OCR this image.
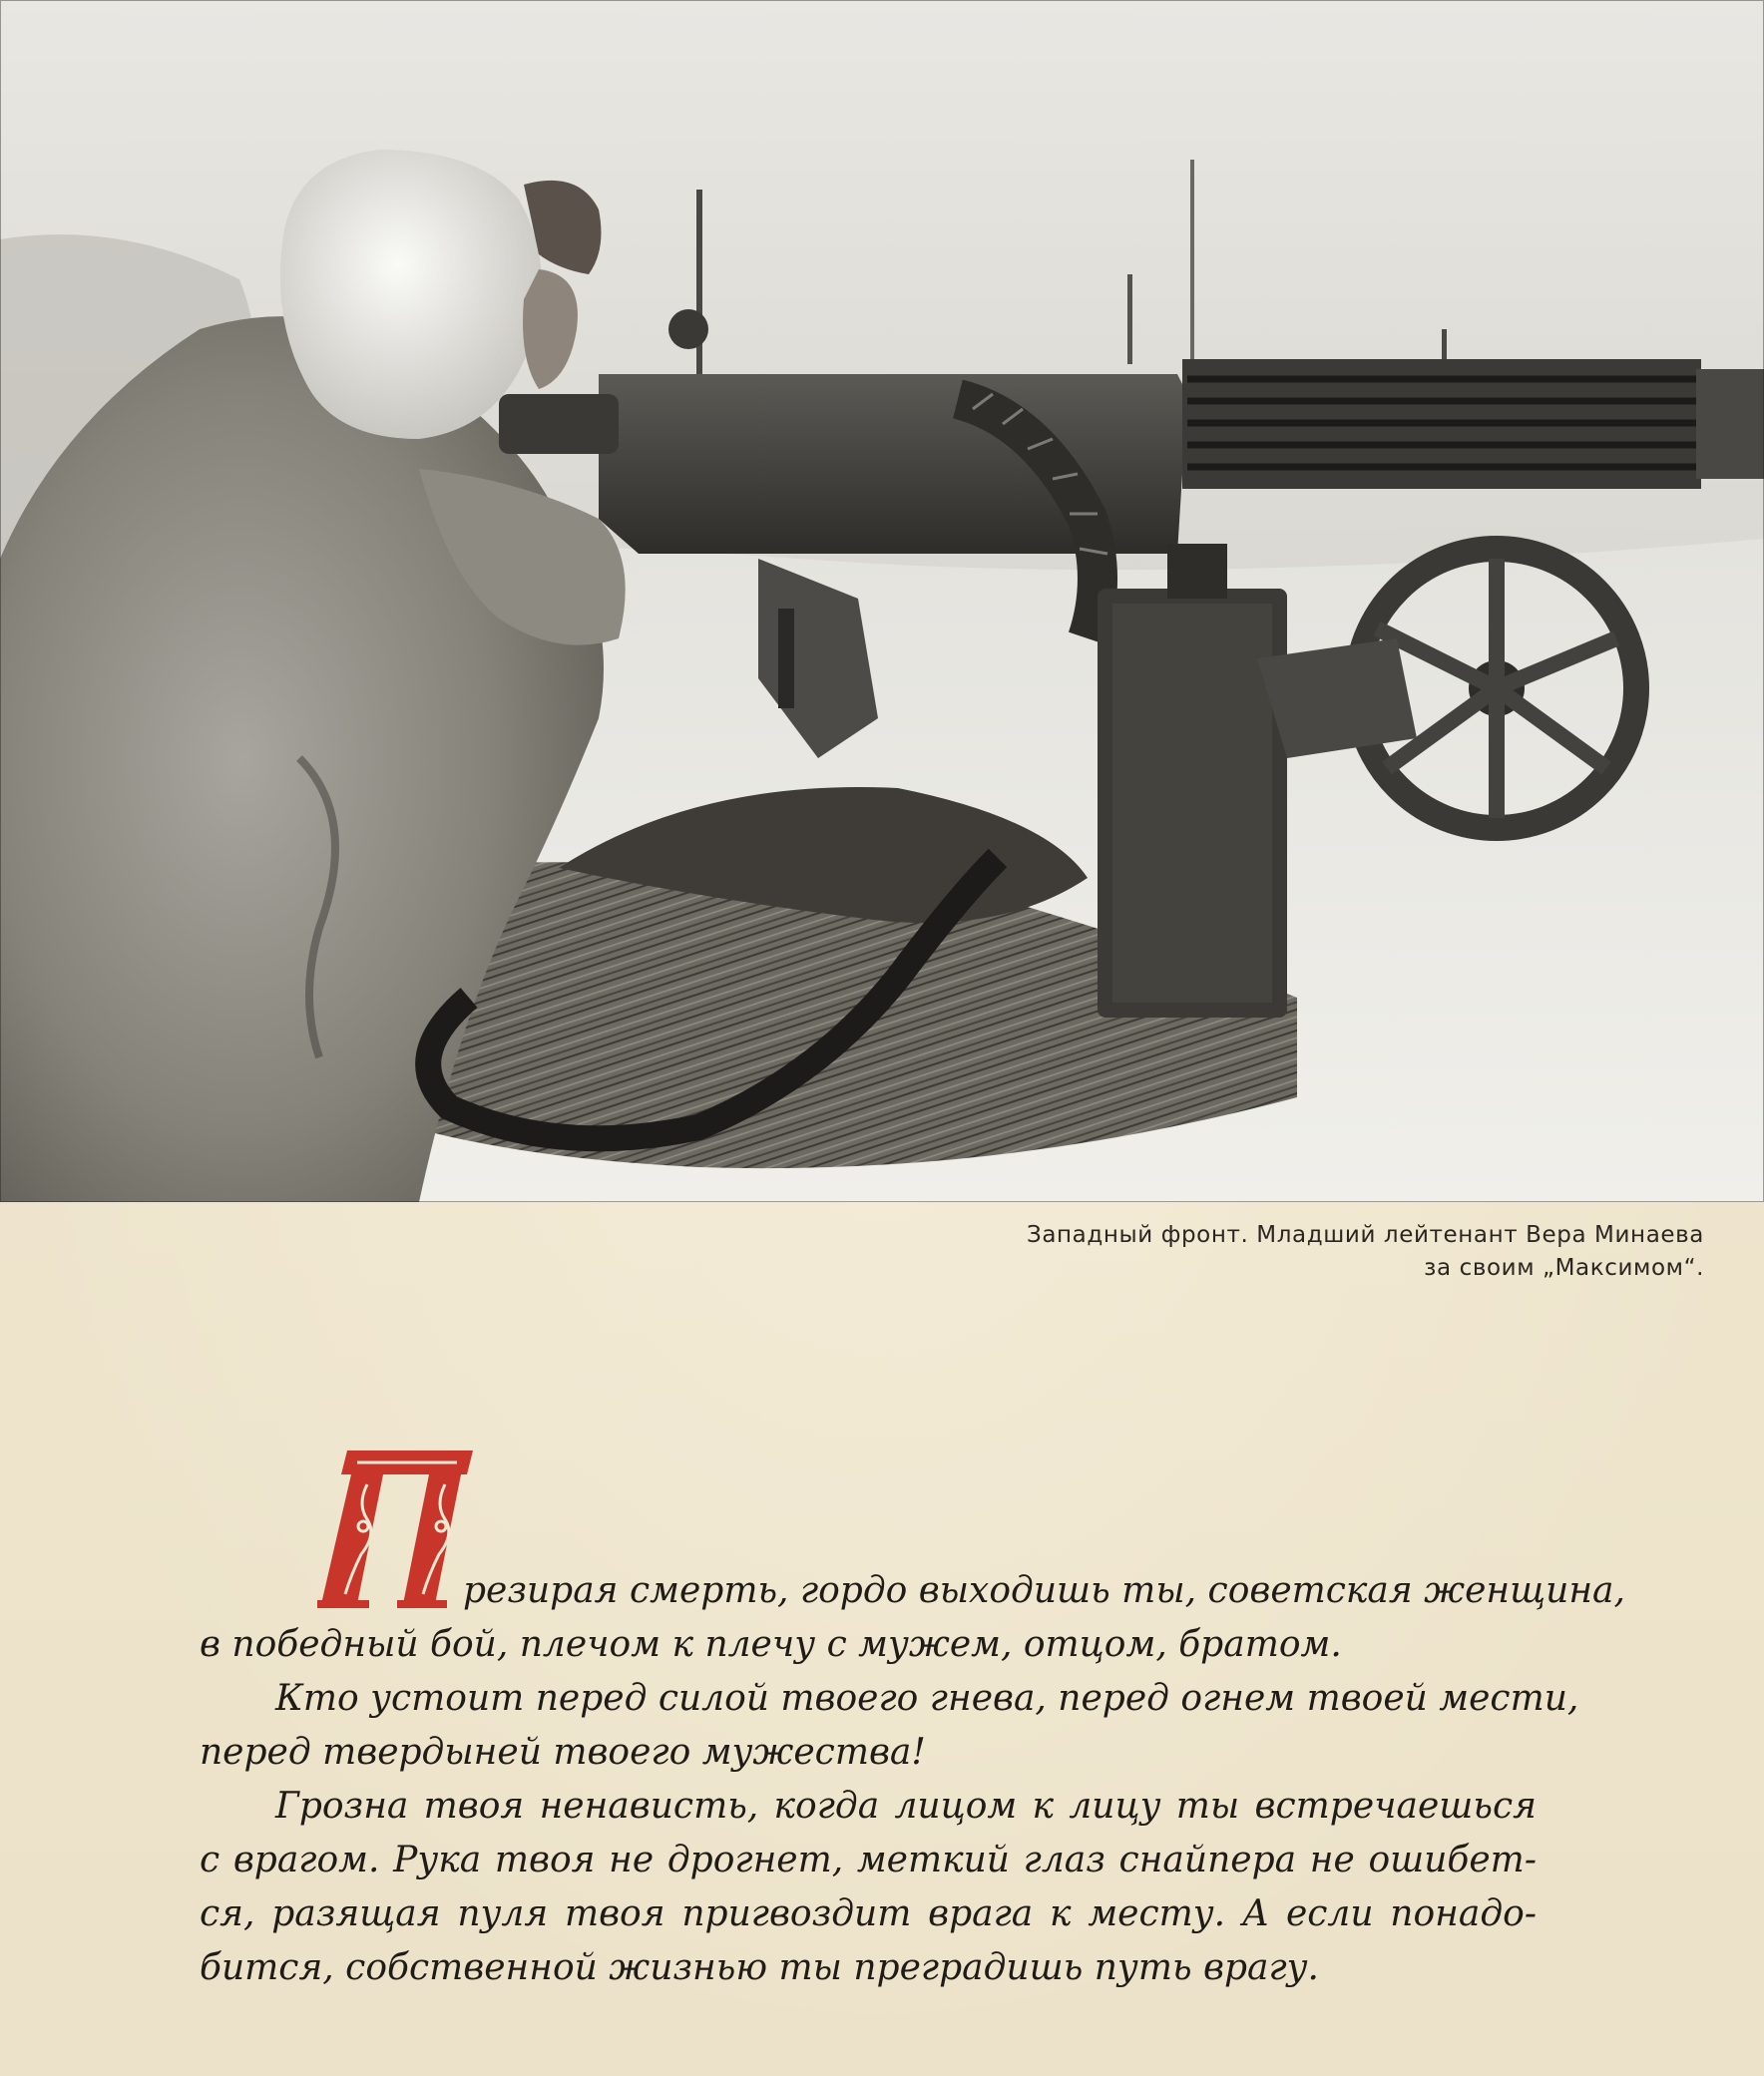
Западный фронт. Младший лейтенант Вера Минаева
за своим „Максимом“.
резирая смерть, гордо выходишь ты, советская женщина,
в победный бой, плечом к плечу с мужем, отцом, братом.
Кто устоит перед силой твоего гнева, перед огнем твоей мести,
перед твердыней твоего мужества!
Грозна твоя ненависть, когда лицом к лицу ты встречаешься
с врагом. Рука твоя не дрогнет, меткий глаз снайпера не ошибет-
ся, разящая пуля твоя пригвоздит врага к месту. А если понадо-
бится, собственной жизнью ты преградишь путь врагу.
